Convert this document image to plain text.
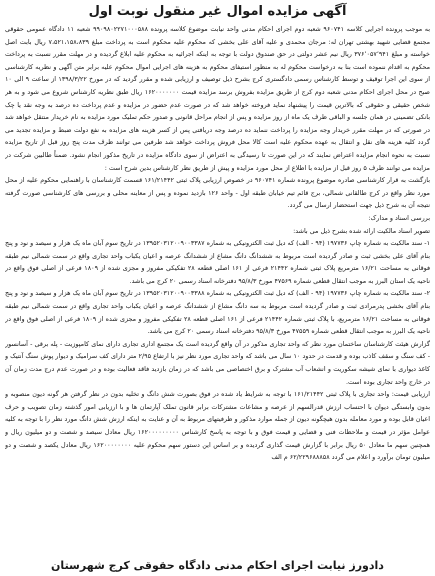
آگهی مزایده اموال غیر منقول نوبت اول

به موجب پرونده اجرایی کلاسه ۹۶۰۷۴۱ شعبه دوم اجرای احکام مدنی واحد نیابت موضوع کلاسه پرونده ۹۹۰۹۸۰۲۲۷۱۰۰۰۵۸۸ شعبه ۱۱ دادگاه عمومی حقوقی مجتمع قضایی شهید بهشتی تهران له: مرجان محمدی و علیه آقای علی بخشی که محکوم علیه محکوم است به پرداخت مبلغ ۷،۵۲۱،۱۵۸،۸۳۹ ریال بابت اصل خواسته و مبلغ ۳۷۶٬۰۵۷٬۹۴۱ ریال نیم عشر دولتی در حق صندوق دولت با توجه به اینکه اجرائیه به محکوم علیه ابلاغ گردیده و در مهلت مقرر نسبت به پرداخت محکوم به اقدام ننموده است بنا به درخواست محکوم له به منظور استیفای محکوم به هزینه های اجرایی اموال محکوم علیه برابر متن آگهی و نظریه کارشناسی از سوی این اجرا توقیف و توسط کارشناس رسمی دادگستری کرج بشرح ذیل توصیف و ارزیابی شده و مقرر گردید که در مورخ ۱۳۹۸/۳/۲۲ از ساعت ۹ الی ۱۰ صبح در محل اجرای احکام مدنی شعبه دوم کرج از طریق مزایده بفروش برسد مزایده قیمت ۱۶۲۰۰۰۰۰۰۰ ریال طبق نظریه کارشناس شروع می شود و به هر شخص حقیقی و حقوقی که بالاترین قیمت را پیشنهاد نماید فروخته خواهد شد که در صورت عدم حضور در مزایده و عدم پرداخت ده درصد به وجه نقد یا چک بانکی تضمینی در همان جلسه و الباقی ظرف یک ماه از روز مزایده و پس از انجام مراحل قانونی و صدور حکم تملیک مورد مزایده به نام خریدار منتقل خواهد شد در صورتی که در مهلت مقرر خریدار وجه مزایده را پرداخت ننماید ده درصد وجه دریافتی پس از کسر هزینه های مزایده به نفع دولت ضبط و مزایده تجدید می گردد کلیه هزینه های نقل و انتقال به عهده محکوم علیه است کالا محل فروش پرداخت خواهد شد طرفین می توانند ظرف مدت پنج روز قبل از تاریخ مزایده نسبت به نحوه انجام مزایده اعتراض نمایند که در این صورت تا رسیدگی به اعتراض از سوی دادگاه مزایده در تاریخ مذکور انجام نشود. ضمناً طالبین شرکت در مزایده می توانند ظرف ۵ روز قبل از مزایده با اطلاع از محل مورد مزایده و پیش از طریق نظر کارشناس بدین شرح است :

بازگشت به قرار کارشناسی صادره موضوع پرونده شماره ۹۶۰۷۴۱ در خصوص ارزیابی پلاک ثبتی ۱۶۱/۲۱۴۴۲ قسمت کارشناسان با راهنمایی محکوم علیه از محل مورد نظر واقع در کرج طالقانی شمالی، برج قائم تیم خیابان طبقه اول - واحد ۱۲۶ بازدید نموده و پس از معاینه محلی و بررسی های کارشناسی صورت گرفته نتیجه آن به شرح ذیل جهت استحضار ارسال می گردد.

بررسی اسناد و مدارک:

تصویر اسناد مالکیت ارائه شده بشرح ذیل می باشد:

۱- سند مالکیت به شماره چاپ ۱۹۷۷۳۶ (۹۴ - الف) که دیل ثبت الکترونیکی به شماره ۱۳۹۵۲۰۳۱۲۰۰۹۰۰۳۳۸۷ در تاریخ سوم آبان ماه یک هزار و سیصد و نود و پنج بنام آقای علی بخشی ثبت و صادر گردیده است مربوط به ششدانگ دانگ مشاع از ششدانگ عرصه و اعیان یکباب واحد تجاری واقع در سمت شمالی نیم طبقه فوقانی به مساحت ۱۶/۲۱ مترمربع پلاک ثبتی شماره ۲۱۴۴۲ فرعی از ۱۶۱ اصلی قطعه ۲۸ تفکیکی مفروز و مجزی شده از ۱۸۰۹ فرعی از اصلی فوق واقع در ناحیه یک استان البرز به موجب انتقال قطعی شماره ۴۷۵۶۹ مورخ ۹۵/۸/۳ دفترخانه اسناد رسمی ۲۰ کرج می باشد.

۲- سند مالکیت به شماره چاپ ۱۹۷۷۳۶ (۹۴ - الف) که دیل ثبت الکترونیکی به شماره ۱۳۹۵۲۰۳۱۲۰۰۹۰۰۳۳۸۸ در تاریخ سوم آبان ماه یک هزار و سیصد و نود و پنج بنام آقای بخشی پدرمرادی ثبت و صادر گردیده است مربوط به سه دانگ مشاع از ششدانگ عرصه و اعیان یکباب واحد تجاری واقع در سمت شمالی نیم طبقه فوقانی به مساحت ۱۶/۲۱ مترمربع، با پلاک ثبتی شماره ۲۱۴۴۲ فرعی از ۱۶۱ اصلی قطعه ۲۸ تفکیکی مفروز و مجزی شده از ۱۸۰۹ فرعی از اصلی فوق واقع در ناحیه یک البرز به موجب انتقال قطعی شماره ۴۷۵۵۹ مورخ ۹۵/۸/۳ دفترخانه اسناد رسمی ۲۰ کرج می باشد.

گزارش هیئت کارشناسان ساختمان مورد نظر که واحد تجاری مذکور در آن واقع گردیده است یک مجتمع اداری تجاری دارای نمای کامپوزیت - پله برقی - آسانسور - کف سنگ و سقف کاذب بوده و قدمت در حدود ۱۰ سال می باشد که واحد تجاری مورد نظر نیز با ارتفاع ۲/۹۵ متر دارای کف سرامیک و دیوار پوش سنگ آنتیک و کاغذ دیواری با نمای شیشه سکوریت و انشعاب آب مشترک و برق اختصاصی می باشد که در زمان بازدید فاقد فعالیت بوده و در صورت عدم درج مدت زمان آن در خارج واحد تجاری بوده است.

ارزیابی قیمت: واحد تجاری با پلاک ثبتی ۱۶۱/۲۱۴۴۲ با توجه به شرایط یاد شده در فوق بصورت شش دانگ و تخلیه بدون در نظر گرفتن هر گونه دیون منصوبه و بدون وابستگی دیوان با احتساب ارزش قدرالسهم از عرصه و مشاعات مشترکات برابر قانون تملک آپارتمان ها و با ارزیابی امور گذشته زمان تصویب و حرف اعیان قابل بوده و مورد معامله بدون هیچگونه دیون از جمله موارد مذکور و ظرفیتهای مربوط به آن و عنایت به اینکه ارزش شش دانگ مورد نظر را با توجه به کلیه عوامل مؤثر در قیمت و ملاحظات فنی و قضایی و قیمت فوق و با توجه به پاسخ کارشناس ۱۶۲۰۰۰۰۰۰۰۰۰ ریال معادل سیصد و شصت و دو میلیون ریال و همچنین سهم ما معادل ۵۰ ریال برابر با گزارش قیمت گذاری گردیده و بر اساس این دستور سهم محکوم علیه ۱۶۲۰۰۰۰۰۰۰۰ ریال معادل یکصد و شصت و دو میلیون تومان برآورد و اعلام می گردد ۶۲/۲۲۹۶۸۸۸۵۸ م الف

دادورز نیابت اجرای احکام مدنی دادگاه حقوقی کرج شهرستان
